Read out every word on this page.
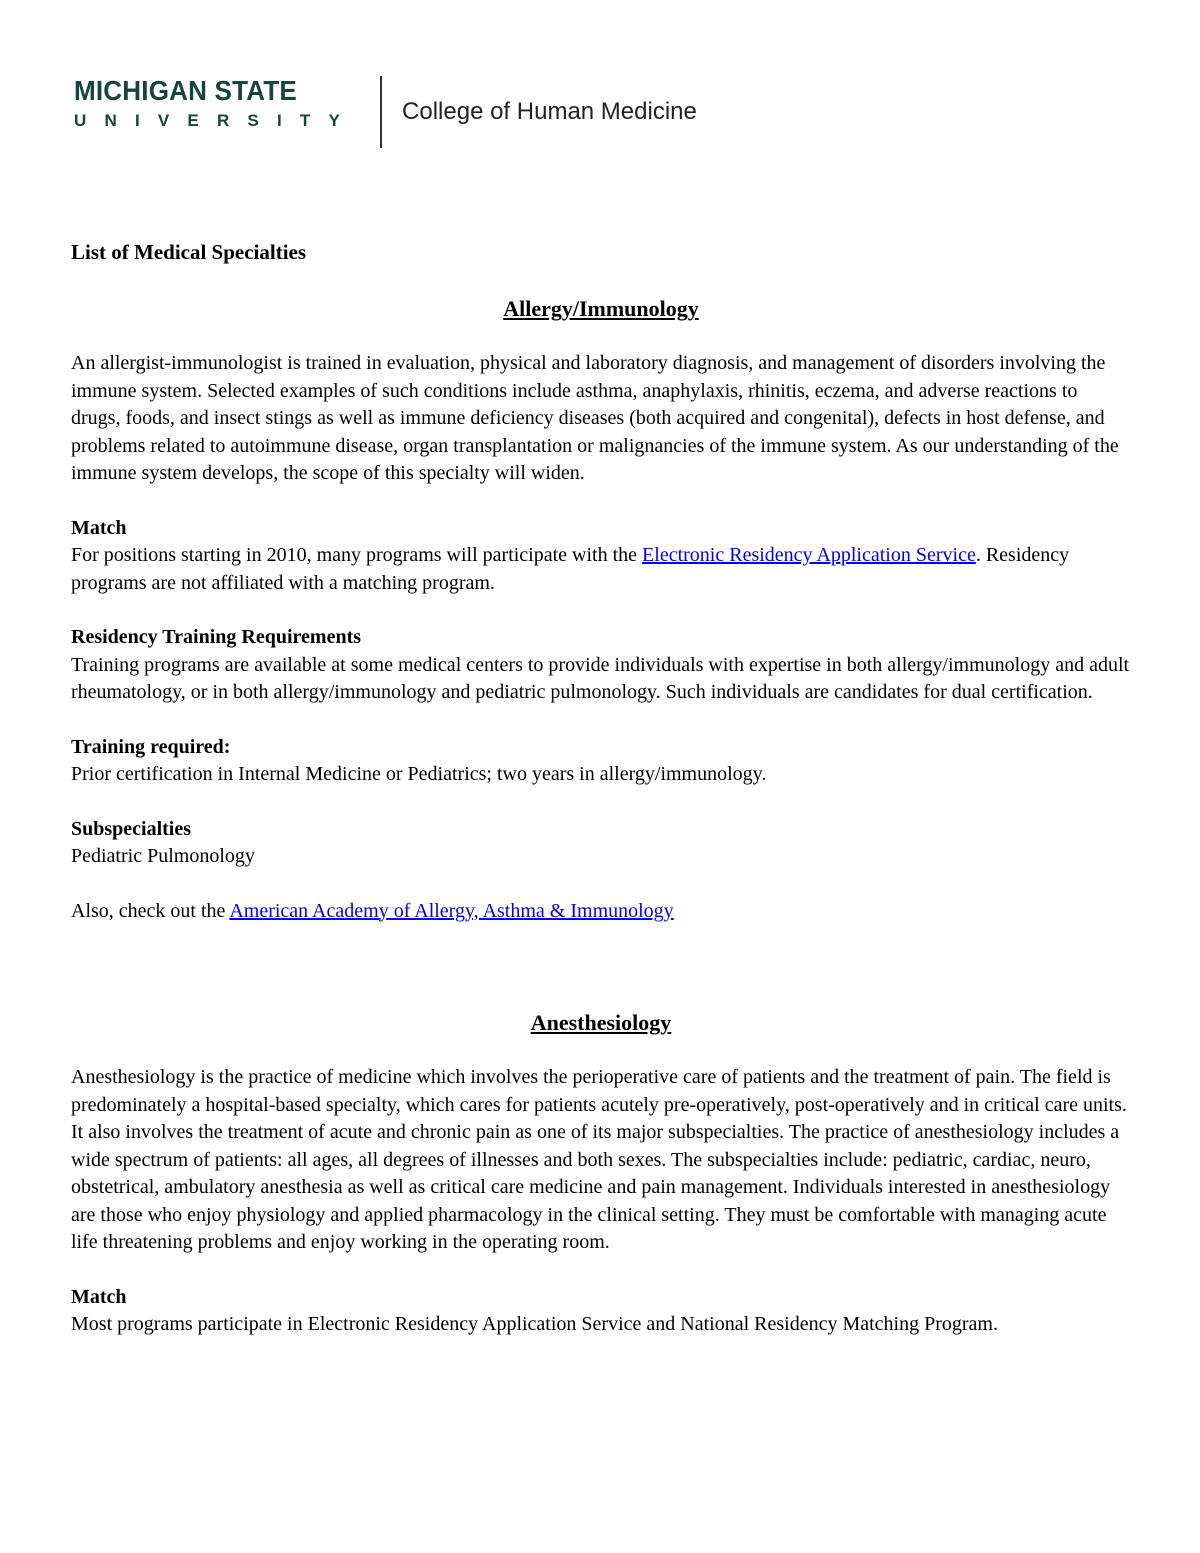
MICHIGAN STATE
UNIVERSITY College of Human Medicine
List of Medical Specialties
Allergy/Immunology

An allergist-immunologist is trained in evaluation, physical and laboratory diagnosis, and management of disorders involving the immune system. Selected examples of such conditions include asthma, anaphylaxis, rhinitis, eczema, and adverse reactions to drugs, foods, and insect stings as well as immune deficiency diseases (both acquired and congenital), defects in host defense, and problems related to autoimmune disease, organ transplantation or malignancies of the immune system. As our understanding of the immune system develops, the scope of this specialty will widen.

Match

For positions starting in 2010, many programs will participate with the Electronic Residency Application Service. Residency programs are not affiliated with a matching program.

Residency Training Requirements

Training programs are available at some medical centers to provide individuals with expertise in both allergy/immunology and adult rheumatology, or in both allergy/immunology and pediatric pulmonology. Such individuals are candidates for dual certification.

Training required:

Prior certification in Internal Medicine or Pediatrics; two years in allergy/immunology.

Subspecialties

Pediatric Pulmonology

Also, check out the American Academy of Allergy, Asthma & Immunology

Anesthesiology

Anesthesiology is the practice of medicine which involves the perioperative care of patients and the treatment of pain. The field is predominately a hospital-based specialty, which cares for patients acutely pre-operatively, post-operatively and in critical care units. It also involves the treatment of acute and chronic pain as one of its major subspecialties. The practice of anesthesiology includes a wide spectrum of patients: all ages, all degrees of illnesses and both sexes. The subspecialties include: pediatric, cardiac, neuro, obstetrical, ambulatory anesthesia as well as critical care medicine and pain management. Individuals interested in anesthesiology are those who enjoy physiology and applied pharmacology in the clinical setting. They must be comfortable with managing acute life threatening problems and enjoy working in the operating room.

Match

Most programs participate in Electronic Residency Application Service and National Residency Matching Program.
